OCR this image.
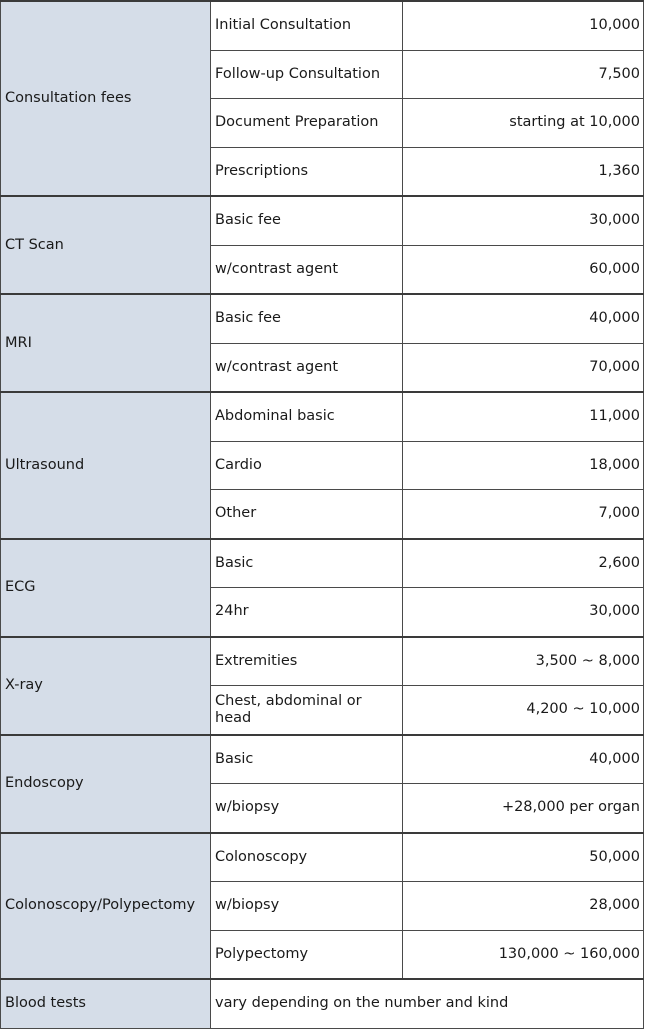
Consultation fees	Initial Consultation	10,000
	Follow-up Consultation	7,500
	Document Preparation	starting at 10,000
	Prescriptions	1,360
CT Scan	Basic fee	30,000
	w/contrast agent	60,000
MRI	Basic fee	40,000
	w/contrast agent	70,000
Ultrasound	Abdominal basic	11,000
	Cardio	18,000
	Other	7,000
ECG	Basic	2,600
	24hr	30,000
X-ray	Extremities	3,500 ~ 8,000
	Chest, abdominal or head	4,200 ~ 10,000
Endoscopy	Basic	40,000
	w/biopsy	+28,000 per organ
Colonoscopy/Polypectomy	Colonoscopy	50,000
	w/biopsy	28,000
	Polypectomy	130,000 ~ 160,000
Blood tests	vary depending on the number and kind	
